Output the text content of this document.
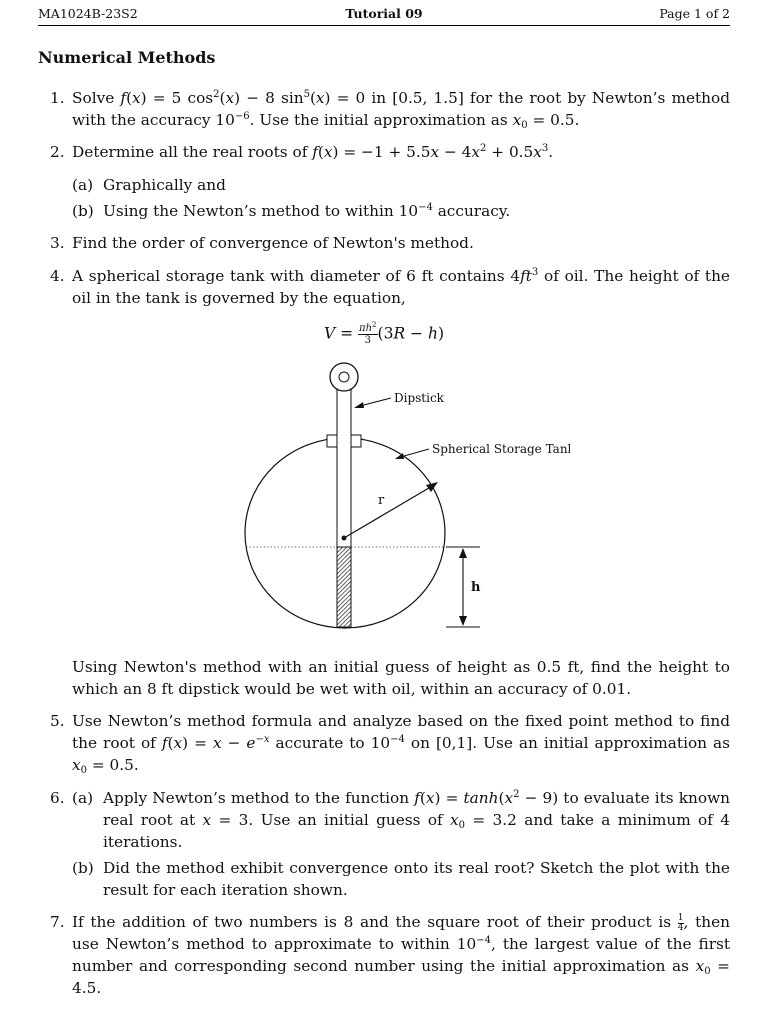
MA1024B-23S2	Tutorial 09	Page 1 of 2
Numerical Methods
1. Solve f(x) = 5 $\cos^2(x) - 8$ $\sin^5(x) = 0$ in [0.5, 1.5] for the root by Newton’s method with the accuracy $10^{-6}$. Use the initial approximation as $x_0 = 0.5$.
2. Determine all the real roots of $f(x) = -1 + 5.5x - 4x^2 + 0.5x^3$.
(a) Graphically and
(b) Using the Newton’s method to within $10^{-4}$ accuracy.
3. Find the order of convergence of Newton's method.
4. A spherical storage tank with diameter of 6 ft contains $4ft^3$ of oil. The height of the oil in the tank is governed by the equation,
$V = \frac{\pi h^2}{3} (3R - h)$
r
Dipstick
Spherical Storage Tank
h
Using Newton's method with an initial guess of height as 0.5 ft, find the height to which an 8 ft dipstick would be wet with oil, within an accuracy of 0.01.
5. Use Newton’s method formula and analyze based on the fixed point method to find the root of $f(x) = x - e^{-x}$ accurate to $10^{-4}$ on [0,1]. Use an initial approximation as $x_0 = 0.5$.
6. (a) Apply Newton’s method to the function $f(x) = \tanh(x^2 - 9)$ to evaluate its known real root at x = 3. Use an initial guess of $x_0 = 3.2$ and take a minimum of 4 iterations.
(b) Did the method exhibit convergence onto its real root? Sketch the plot with the result for each iteration shown.
7. If the addition of two numbers is 8 and the square root of their product is $\frac{1}{4}$ , then use Newton’s method to approximate to within $10^{-4}$, the largest value of the first number and corresponding second number using the initial approximation as $x_0 = 4.5$.
